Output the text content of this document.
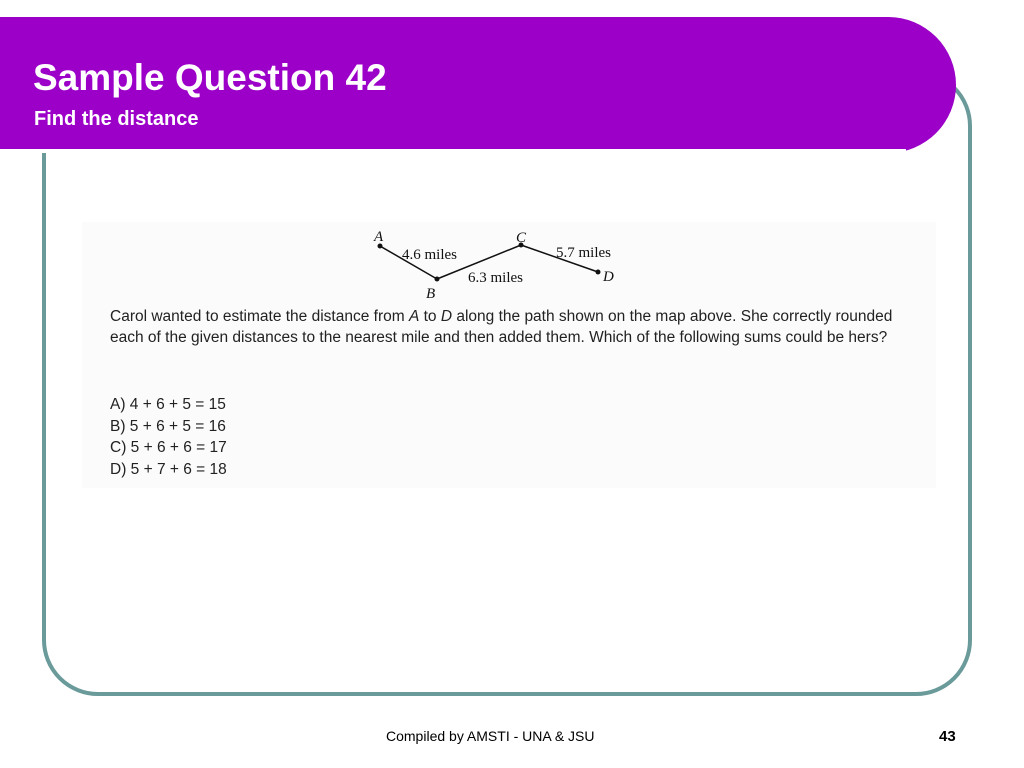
Sample Question 42
Find the distance
A
B
C
D
4.6 miles
6.3 miles
5.7 miles
Carol wanted to estimate the distance from A to D along the path shown on the map above. She correctly rounded each of the given distances to the nearest mile and then added them. Which of the following sums could be hers?
A) 4 + 6 + 5 = 15
B) 5 + 6 + 5 = 16
C) 5 + 6 + 6 = 17
D) 5 + 7 + 6 = 18
Compiled by AMSTI - UNA & JSU	43
